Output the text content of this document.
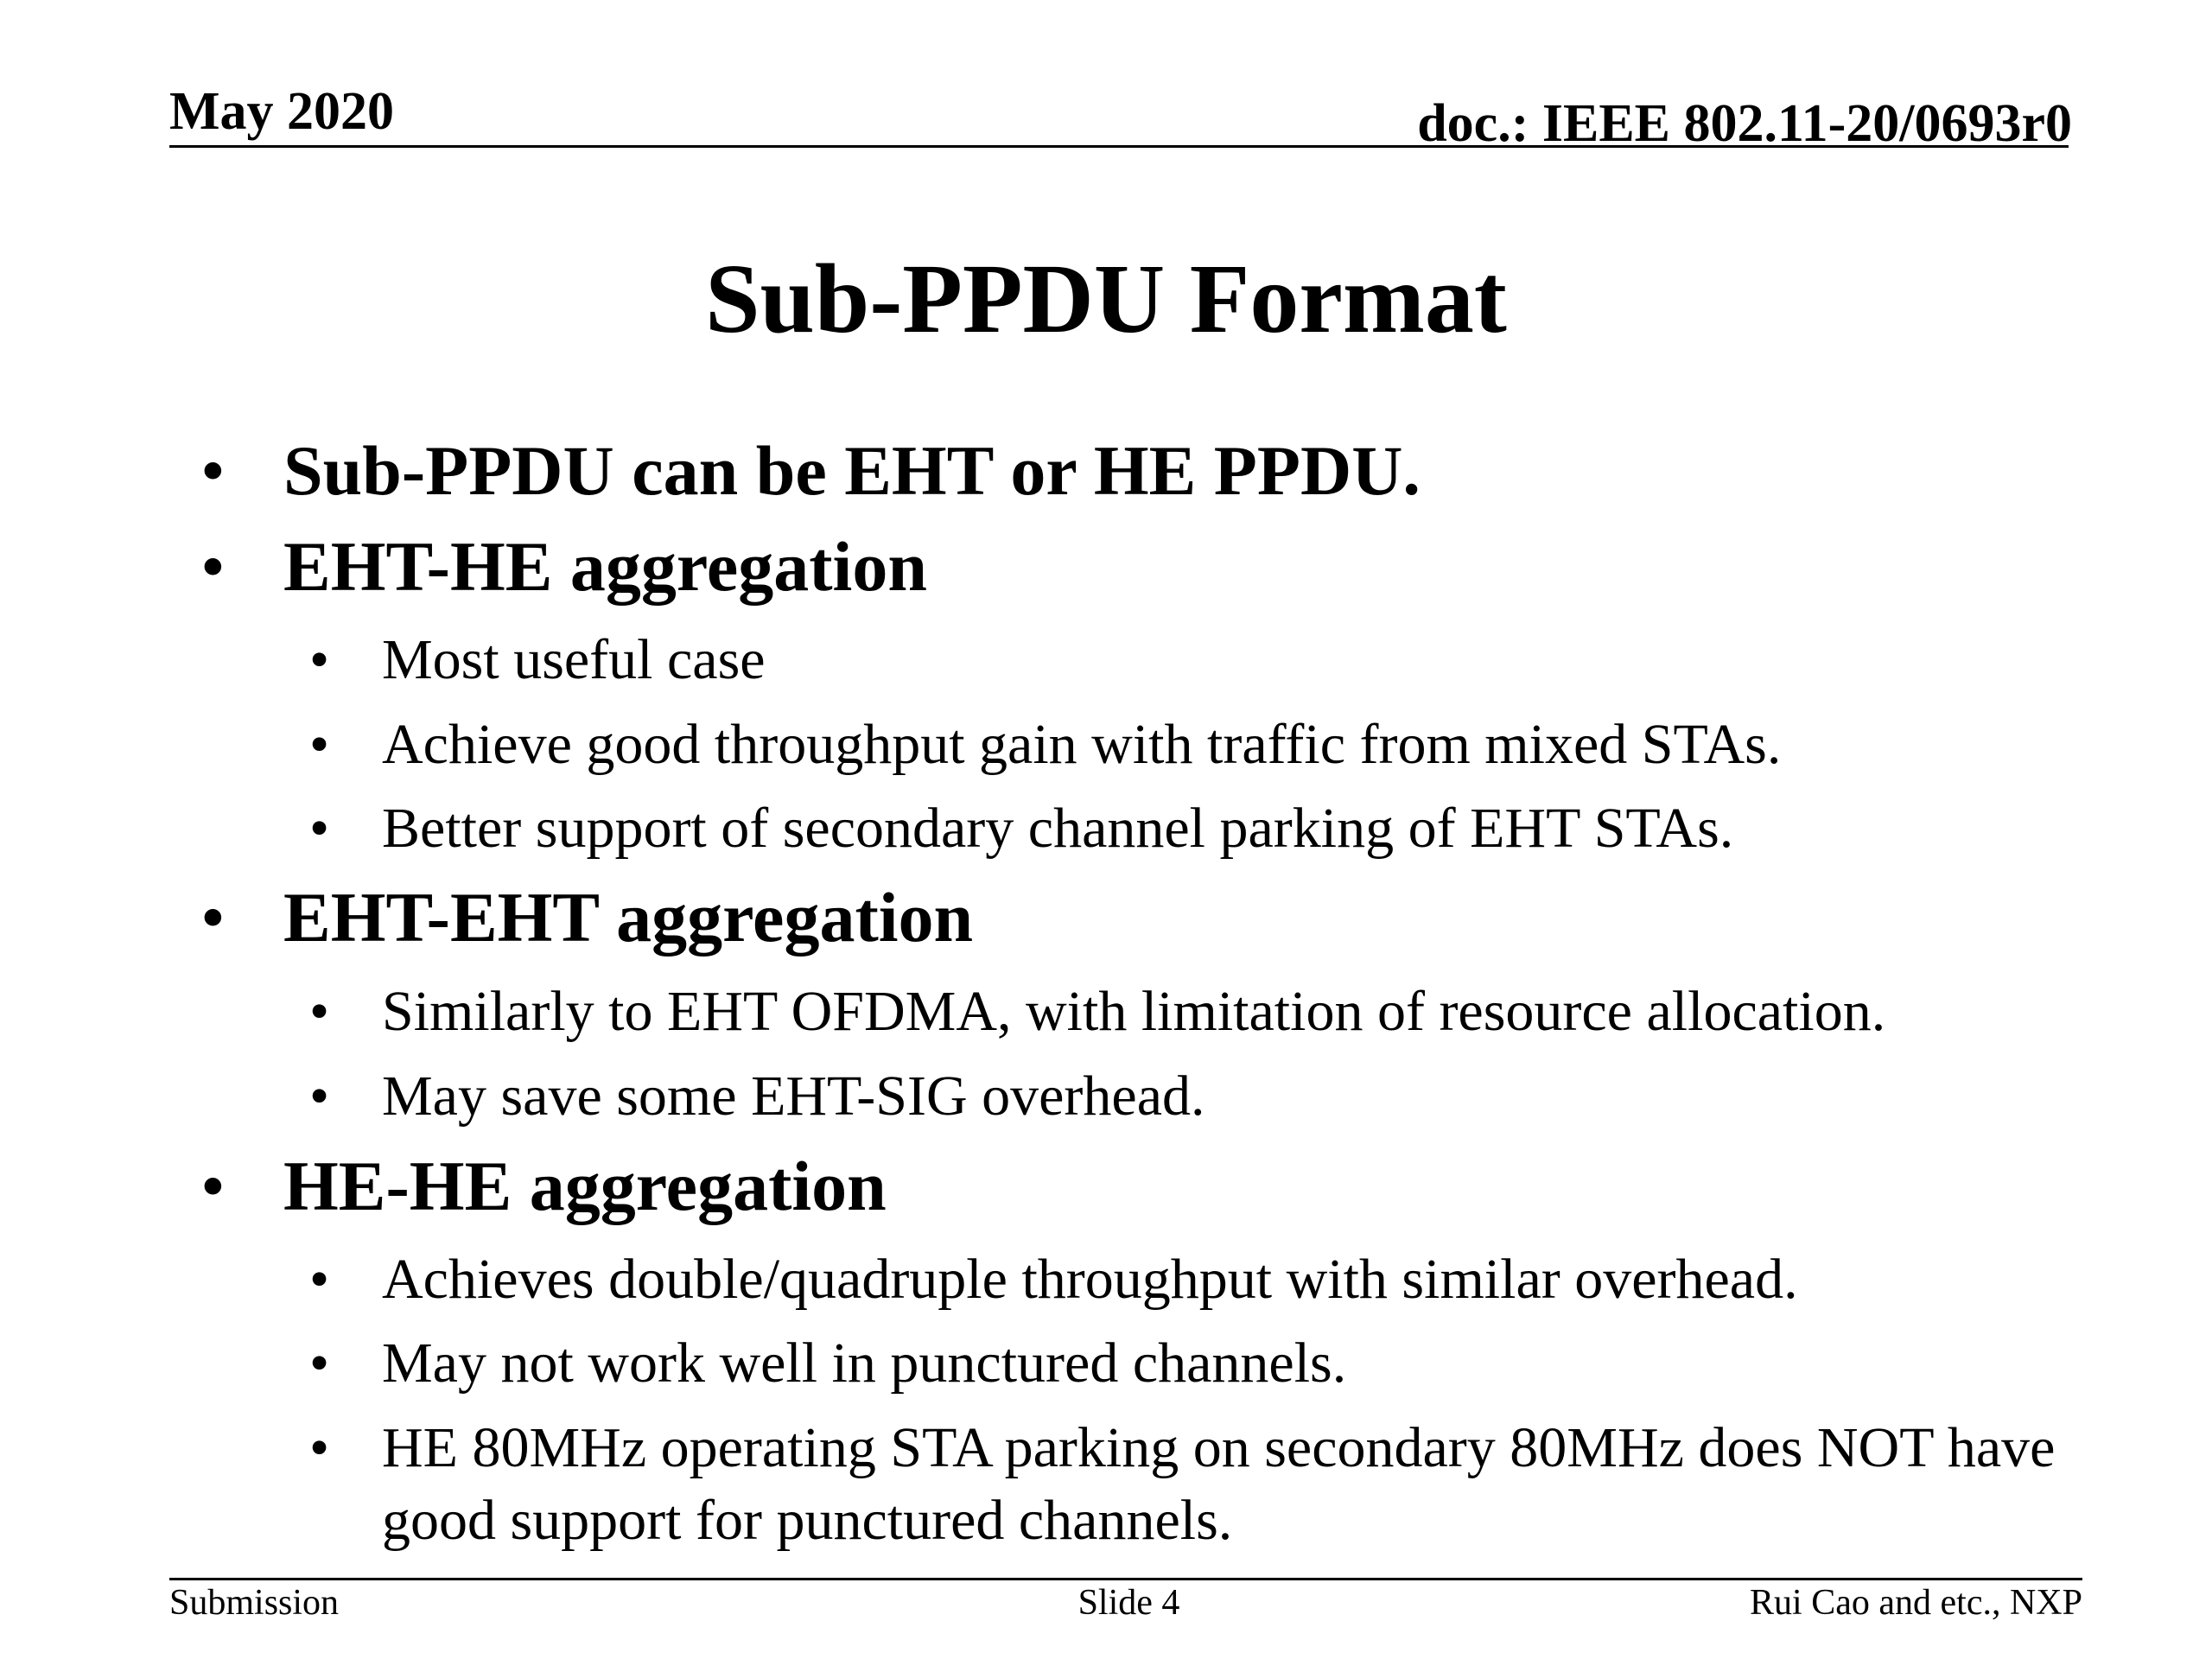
May 2020	doc.: IEEE 802.11-20/0693r0
Sub-PPDU Format
• Sub-PPDU can be EHT or HE PPDU.
• EHT-HE aggregation
• Most useful case
• Achieve good throughput gain with traffic from mixed STAs.
• Better support of secondary channel parking of EHT STAs.
• EHT-EHT aggregation
• Similarly to EHT OFDMA, with limitation of resource allocation.
• May save some EHT-SIG overhead.
• HE-HE aggregation
• Achieves double/quadruple throughput with similar overhead.
• May not work well in punctured channels.
• HE 80MHz operating STA parking on secondary 80MHz does NOT have good support for punctured channels.
Submission	Slide 4	Rui Cao and etc., NXP
